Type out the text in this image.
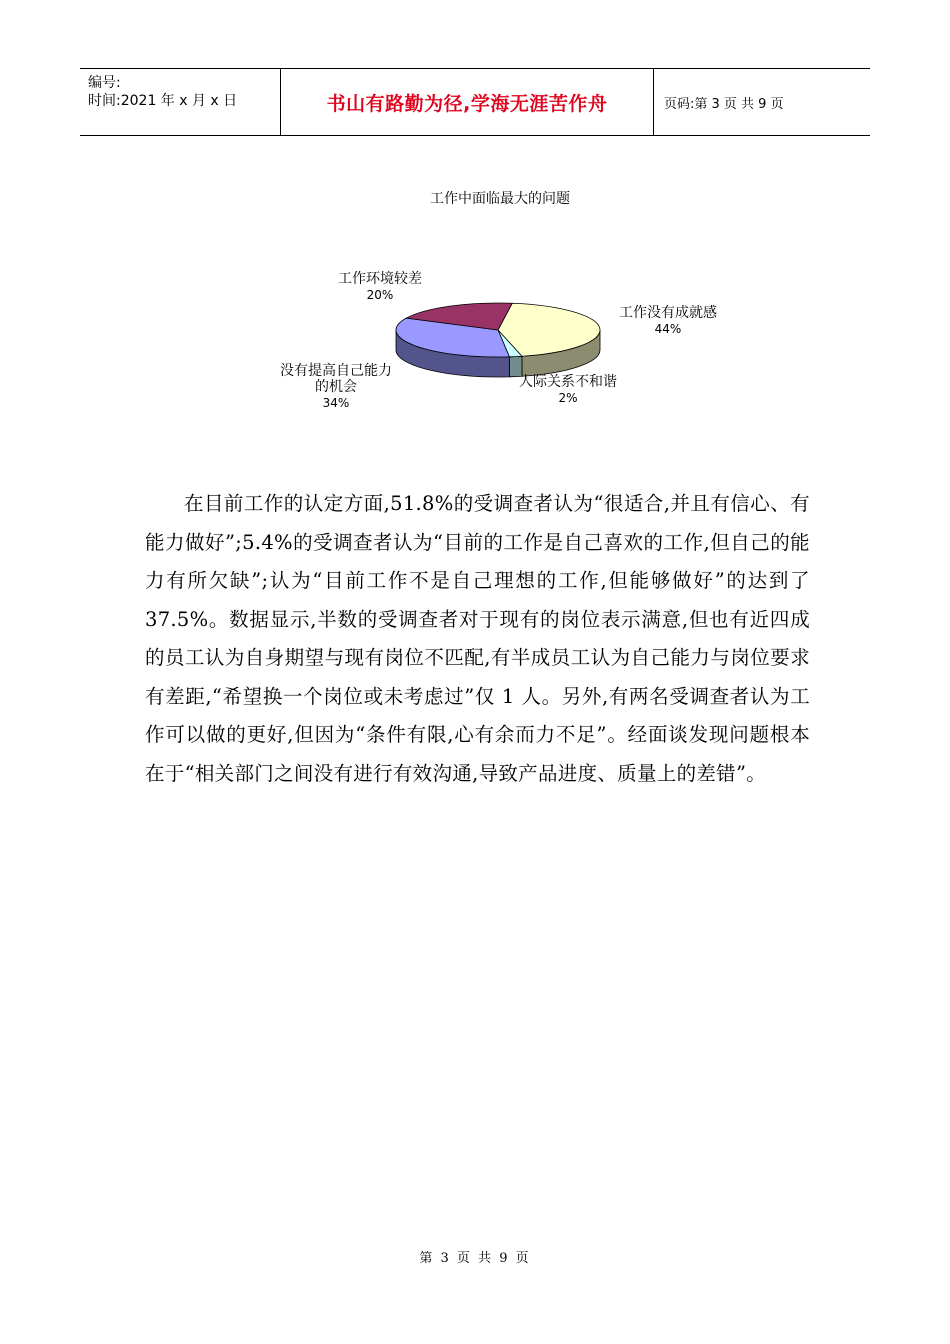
编号:
时间:2021 年 x 月 x 日	书山有路勤为径,学海无涯苦作舟	页码:第 3 页 共 9 页
工作中面临最大的问题
工作没有成就感
44%
人际关系不和谐
2%
没有提高自己能力
的机会
34%
工作环境较差
20%

在目前工作的认定方面,51.8%的受调查者认为“很适合,并且有信心、有能力做好”;5.4%的受调查者认为“目前的工作是自己喜欢的工作,但自己的能力有所欠缺”;认为“目前工作不是自己理想的工作,但能够做好”的达到了 37.5%。数据显示,半数的受调查者对于现有的岗位表示满意,但也有近四成的员工认为自身期望与现有岗位不匹配,有半成员工认为自己能力与岗位要求有差距,“希望换一个岗位或未考虑过”仅 1 人。另外,有两名受调查者认为工作可以做的更好,但因为“条件有限,心有余而力不足”。经面谈发现问题根本在于“相关部门之间没有进行有效沟通,导致产品进度、质量上的差错”。

第 3 页 共 9 页
